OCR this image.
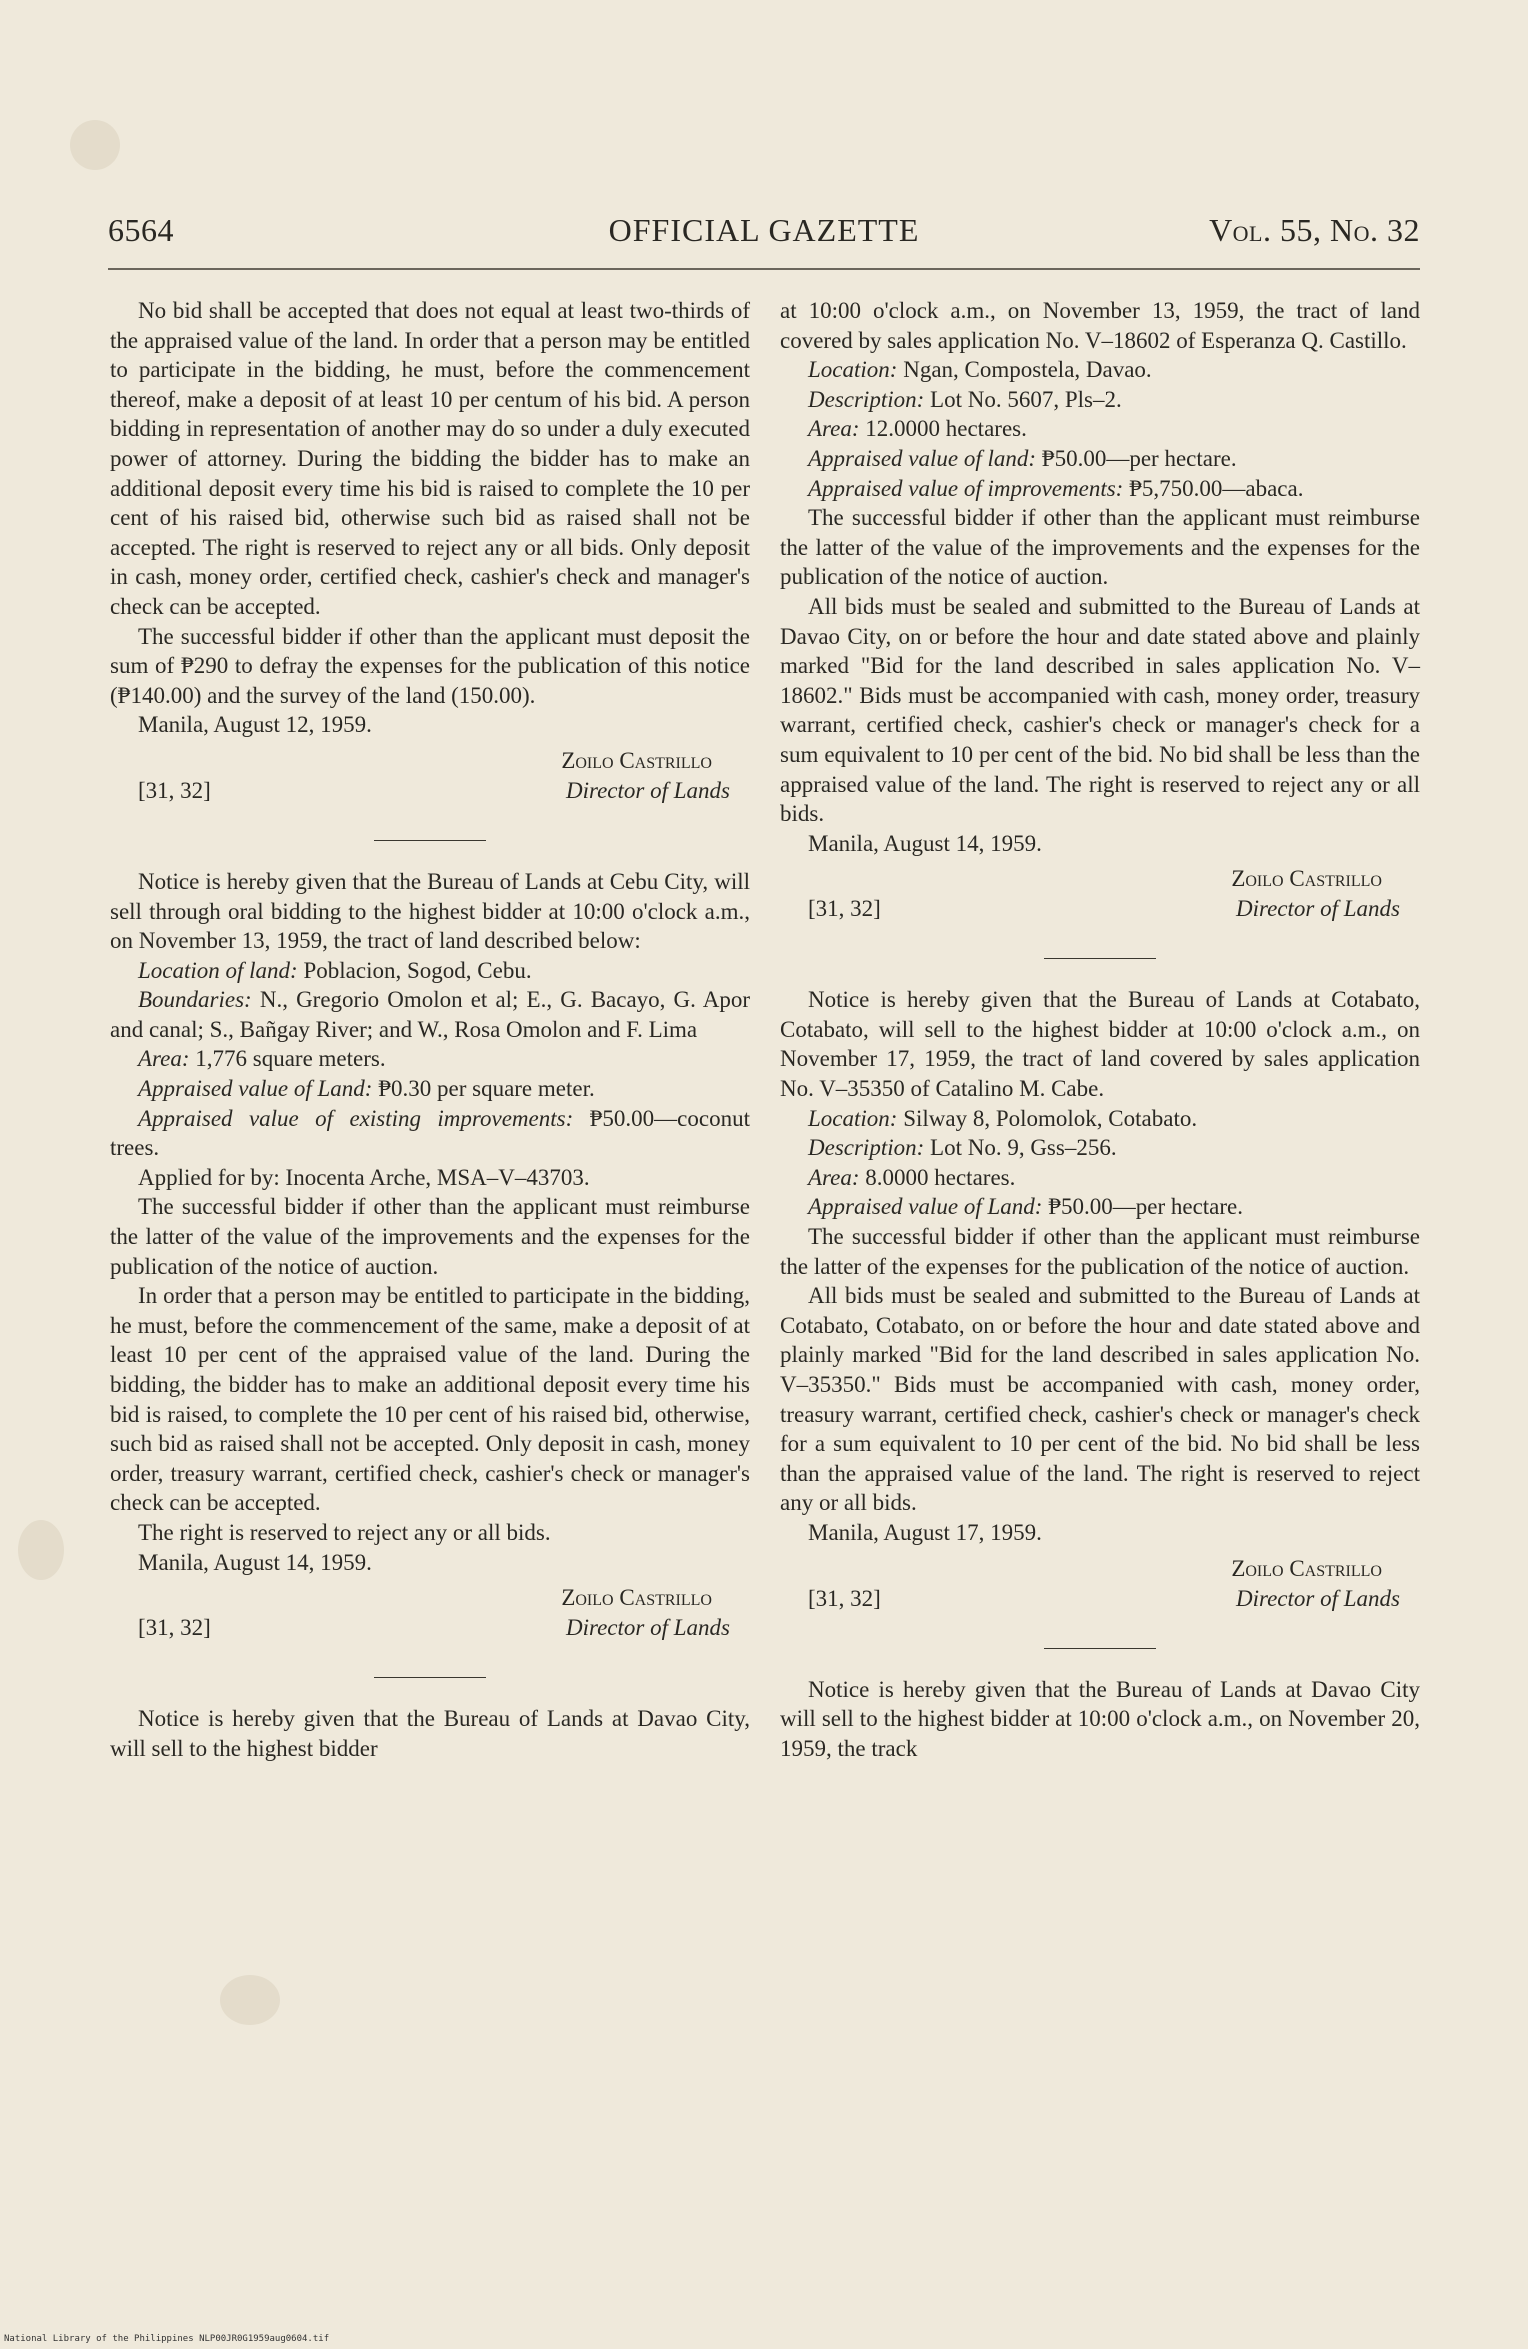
6564	OFFICIAL GAZETTE	Vol. 55, No. 32

No bid shall be accepted that does not equal at least two-thirds of the appraised value of the land. In order that a person may be entitled to participate in the bidding, he must, before the commencement thereof, make a deposit of at least 10 per centum of his bid. A person bidding in representation of another may do so under a duly executed power of attorney. During the bidding the bidder has to make an additional deposit every time his bid is raised to complete the 10 per cent of his raised bid, otherwise such bid as raised shall not be accepted. The right is reserved to reject any or all bids. Only deposit in cash, money order, certified check, cashier's check and manager's check can be accepted.

The successful bidder if other than the applicant must deposit the sum of ₱290 to defray the expenses for the publication of this notice (₱140.00) and the survey of the land (150.00).

Manila, August 12, 1959.

Zoilo Castrillo
[31, 32]	Director of Lands

Notice is hereby given that the Bureau of Lands at Cebu City, will sell through oral bidding to the highest bidder at 10:00 o'clock a.m., on November 13, 1959, the tract of land described below:

Location of land: Poblacion, Sogod, Cebu.

Boundaries: N., Gregorio Omolon et al; E., G. Bacayo, G. Apor and canal; S., Bañgay River; and W., Rosa Omolon and F. Lima

Area: 1,776 square meters.

Appraised value of Land: ₱0.30 per square meter.

Appraised value of existing improvements: ₱50.00—coconut trees.

Applied for by: Inocenta Arche, MSA–V–43703.

The successful bidder if other than the applicant must reimburse the latter of the value of the improvements and the expenses for the publication of the notice of auction.

In order that a person may be entitled to participate in the bidding, he must, before the commencement of the same, make a deposit of at least 10 per cent of the appraised value of the land. During the bidding, the bidder has to make an additional deposit every time his bid is raised, to complete the 10 per cent of his raised bid, otherwise, such bid as raised shall not be accepted. Only deposit in cash, money order, treasury warrant, certified check, cashier's check or manager's check can be accepted.

The right is reserved to reject any or all bids.

Manila, August 14, 1959.

Zoilo Castrillo
[31, 32]	Director of Lands

Notice is hereby given that the Bureau of Lands at Davao City, will sell to the highest bidder

at 10:00 o'clock a.m., on November 13, 1959, the tract of land covered by sales application No. V–18602 of Esperanza Q. Castillo.

Location: Ngan, Compostela, Davao.

Description: Lot No. 5607, Pls–2.

Area: 12.0000 hectares.

Appraised value of land: ₱50.00—per hectare.

Appraised value of improvements: ₱5,750.00—abaca.

The successful bidder if other than the applicant must reimburse the latter of the value of the improvements and the expenses for the publication of the notice of auction.

All bids must be sealed and submitted to the Bureau of Lands at Davao City, on or before the hour and date stated above and plainly marked "Bid for the land described in sales application No. V–18602." Bids must be accompanied with cash, money order, treasury warrant, certified check, cashier's check or manager's check for a sum equivalent to 10 per cent of the bid. No bid shall be less than the appraised value of the land. The right is reserved to reject any or all bids.

Manila, August 14, 1959.

Zoilo Castrillo
[31, 32]	Director of Lands

Notice is hereby given that the Bureau of Lands at Cotabato, Cotabato, will sell to the highest bidder at 10:00 o'clock a.m., on November 17, 1959, the tract of land covered by sales application No. V–35350 of Catalino M. Cabe.

Location: Silway 8, Polomolok, Cotabato.

Description: Lot No. 9, Gss–256.

Area: 8.0000 hectares.

Appraised value of Land: ₱50.00—per hectare.

The successful bidder if other than the applicant must reimburse the latter of the expenses for the publication of the notice of auction.

All bids must be sealed and submitted to the Bureau of Lands at Cotabato, Cotabato, on or before the hour and date stated above and plainly marked "Bid for the land described in sales application No. V–35350." Bids must be accompanied with cash, money order, treasury warrant, certified check, cashier's check or manager's check for a sum equivalent to 10 per cent of the bid. No bid shall be less than the appraised value of the land. The right is reserved to reject any or all bids.

Manila, August 17, 1959.

Zoilo Castrillo
[31, 32]	Director of Lands

Notice is hereby given that the Bureau of Lands at Davao City will sell to the highest bidder at 10:00 o'clock a.m., on November 20, 1959, the track

National Library of the Philippines NLP00JR0G1959aug0604.tif
